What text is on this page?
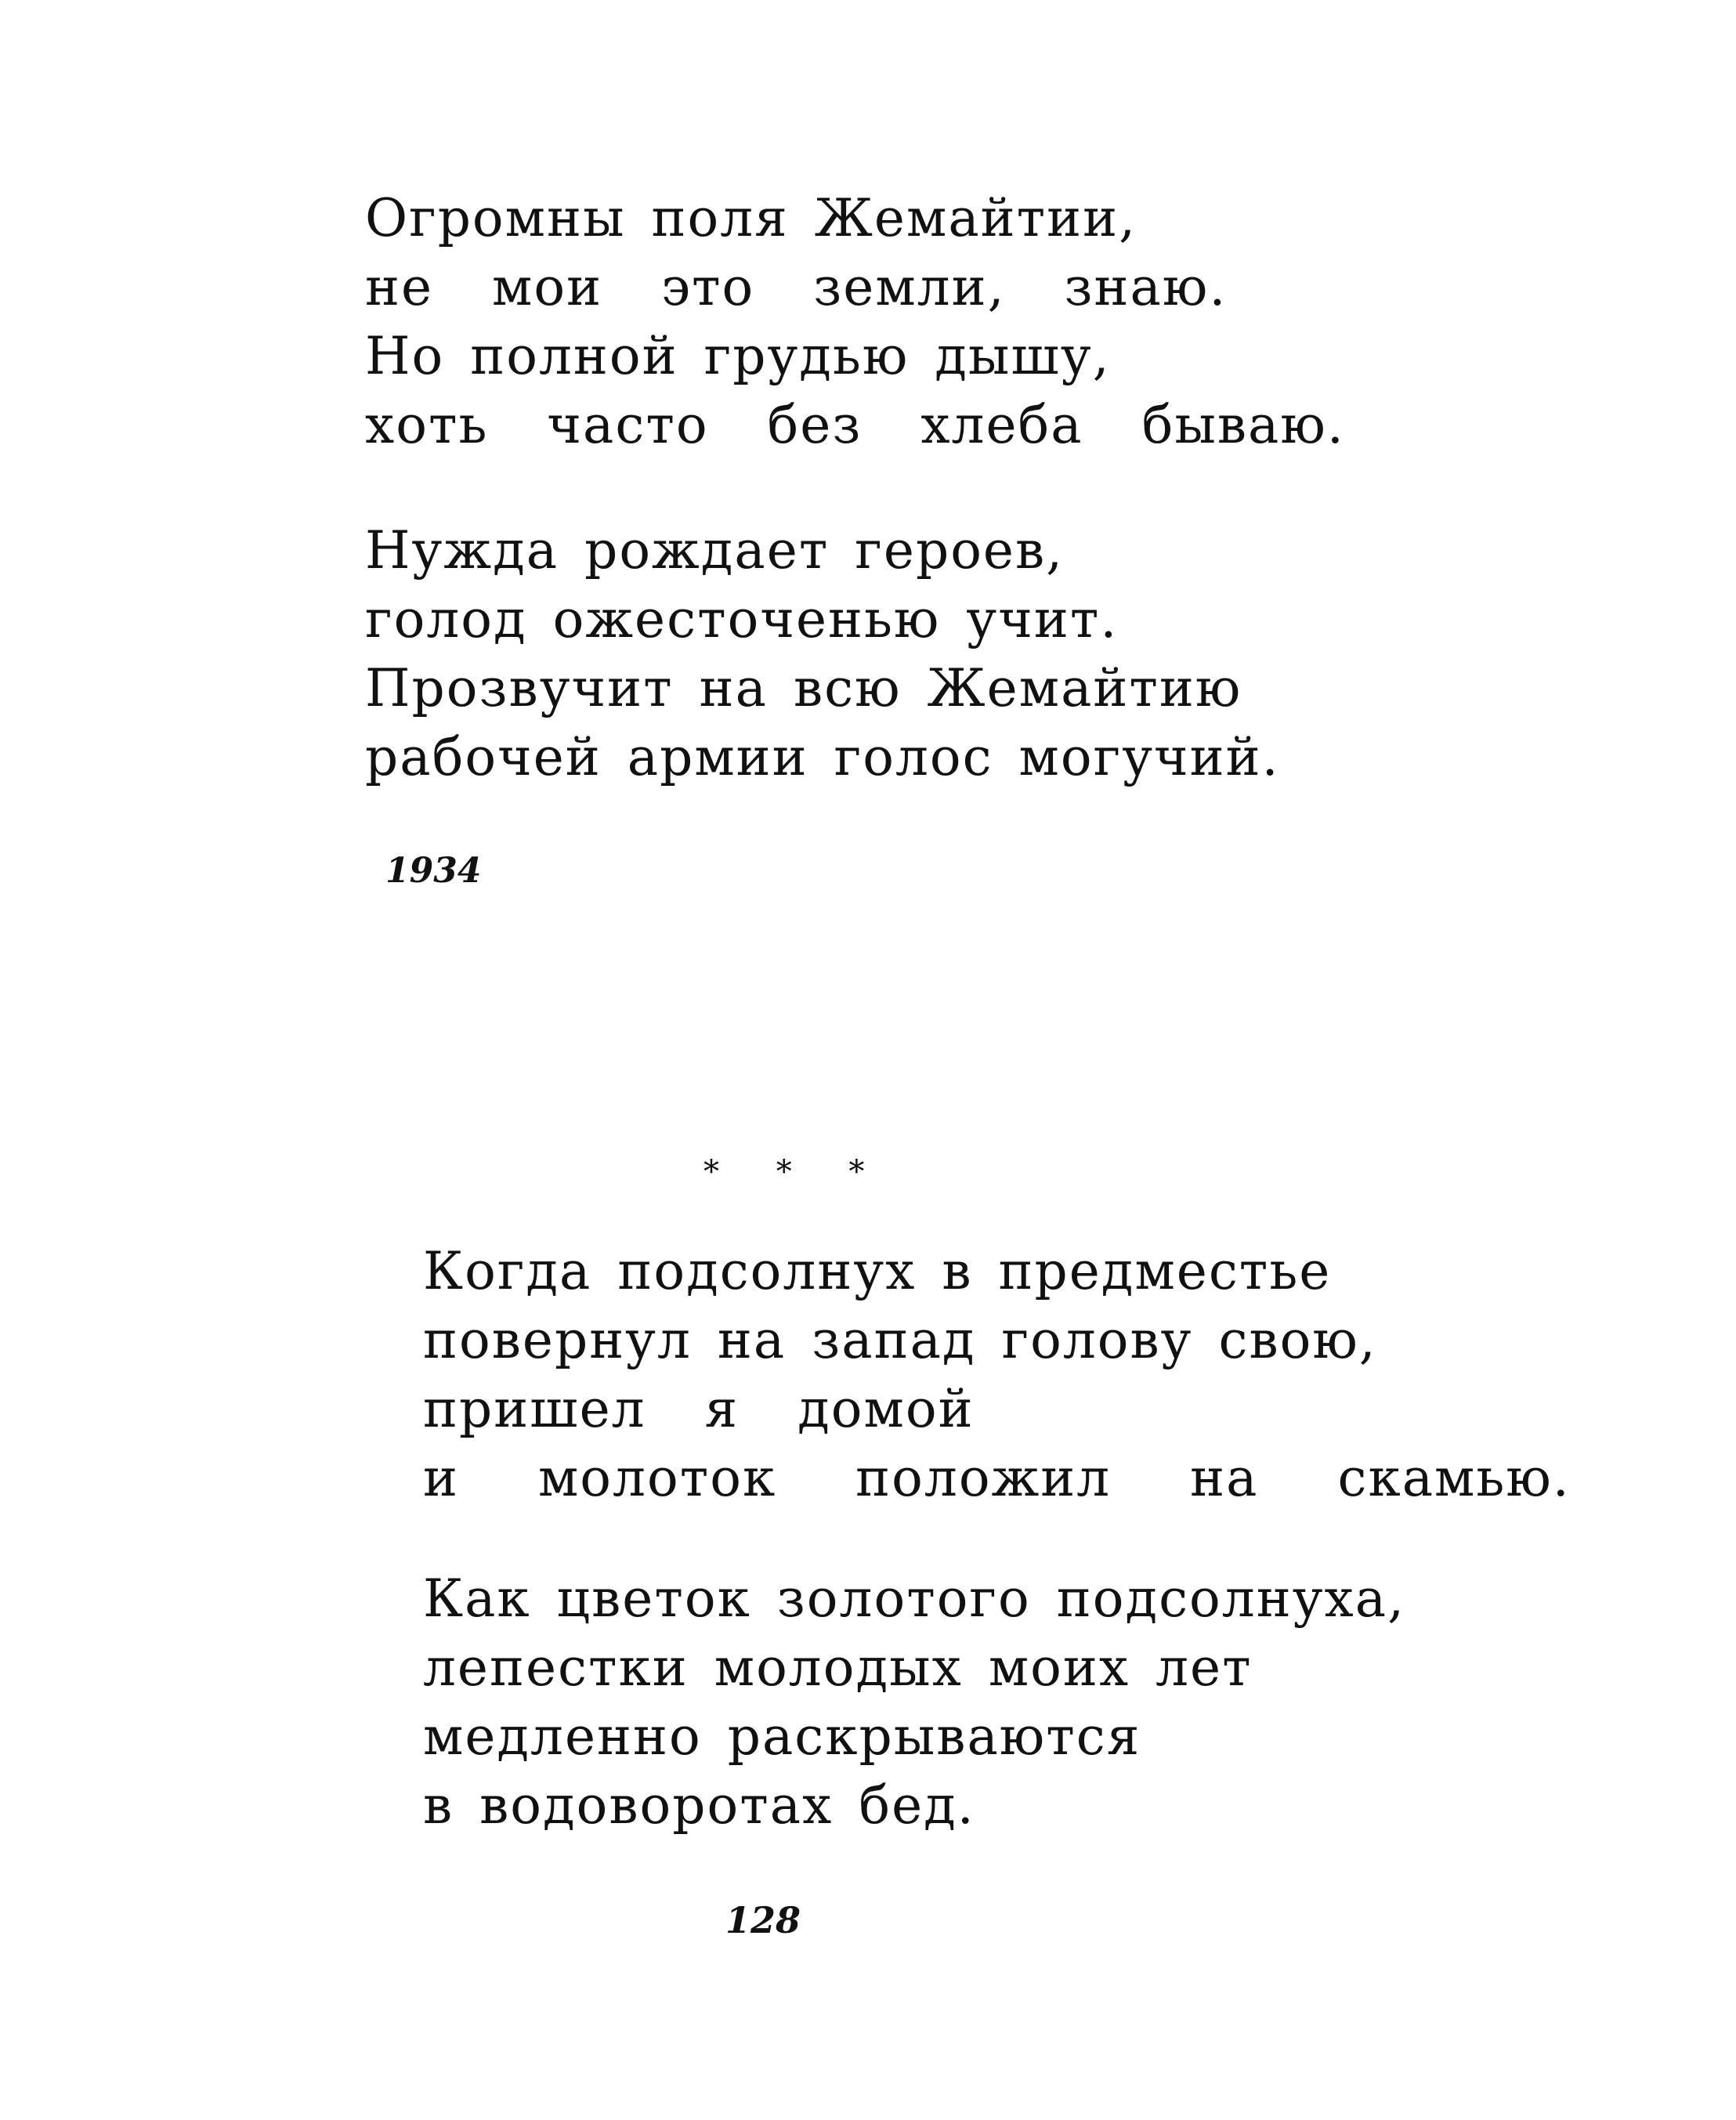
Огромны поля Жемайтии,
не мои это земли, знаю.
Но полной грудью дышу,
хоть часто без хлеба бываю.
Нужда рождает героев,
голод ожесточенью учит.
Прозвучит на всю Жемайтию
рабочей армии голос могучий.
1934
* * *
Когда подсолнух в предместье
повернул на запад голову свою,
пришел я домой
и молоток положил на скамью.
Как цветок золотого подсолнуха,
лепестки молодых моих лет
медленно раскрываются
в водоворотах бед.
128
